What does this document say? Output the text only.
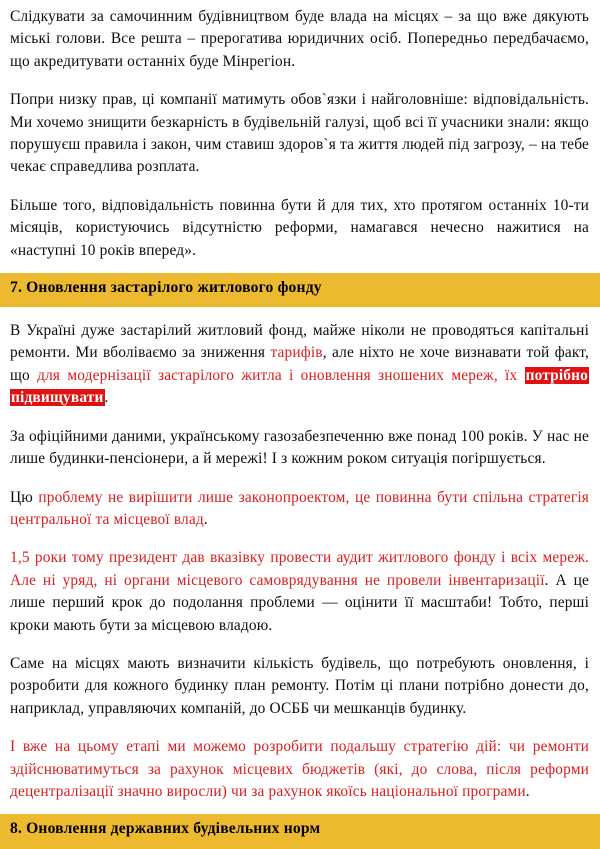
Слідкувати за самочинним будівництвом буде влада на місцях – за що вже дякують міські голови. Все решта – прерогатива юридичних осіб. Попередньо передбачаємо, що акредитувати останніх буде Мінрегіон.

Попри низку прав, ці компанії матимуть обов`язки і найголовніше: відповідальність. Ми хочемо знищити безкарність в будівельній галузі, щоб всі її учасники знали: якщо порушуєш правила і закон, чим ставиш здоров`я та життя людей під загрозу, – на тебе чекає справедлива розплата.

Більше того, відповідальність повинна бути й для тих, хто протягом останніх 10-ти місяців, користуючись відсутністю реформи, намагався нечесно нажитися на «наступні 10 років вперед».

7. Оновлення застарілого житлового фонду

В Україні дуже застарілий житловий фонд, майже ніколи не проводяться капітальні ремонти. Ми вболіваємо за зниження тарифів, але ніхто не хоче визнавати той факт, що для модернізації застарілого житла і оновлення зношених мереж, їх потрібно підвищувати.

За офіційними даними, українському газозабезпеченню вже понад 100 років. У нас не лише будинки-пенсіонери, а й мережі! І з кожним роком ситуація погіршується.

Цю проблему не вирішити лише законопроектом, це повинна бути спільна стратегія центральної та місцевої влад.

1,5 роки тому президент дав вказівку провести аудит житлового фонду і всіх мереж. Але ні уряд, ні органи місцевого самоврядування не провели інвентаризації. А це лише перший крок до подолання проблеми — оцінити її масштаби! Тобто, перші кроки мають бути за місцевою владою.

Саме на місцях мають визначити кількість будівель, що потребують оновлення, і розробити для кожного будинку план ремонту. Потім ці плани потрібно донести до, наприклад, управляючих компаній, до ОСББ чи мешканців будинку.

І вже на цьому етапі ми можемо розробити подальшу стратегію дій: чи ремонти здійснюватимуться за рахунок місцевих бюджетів (які, до слова, після реформи децентралізації значно виросли) чи за рахунок якоїсь національної програми.

8. Оновлення державних будівельних норм
